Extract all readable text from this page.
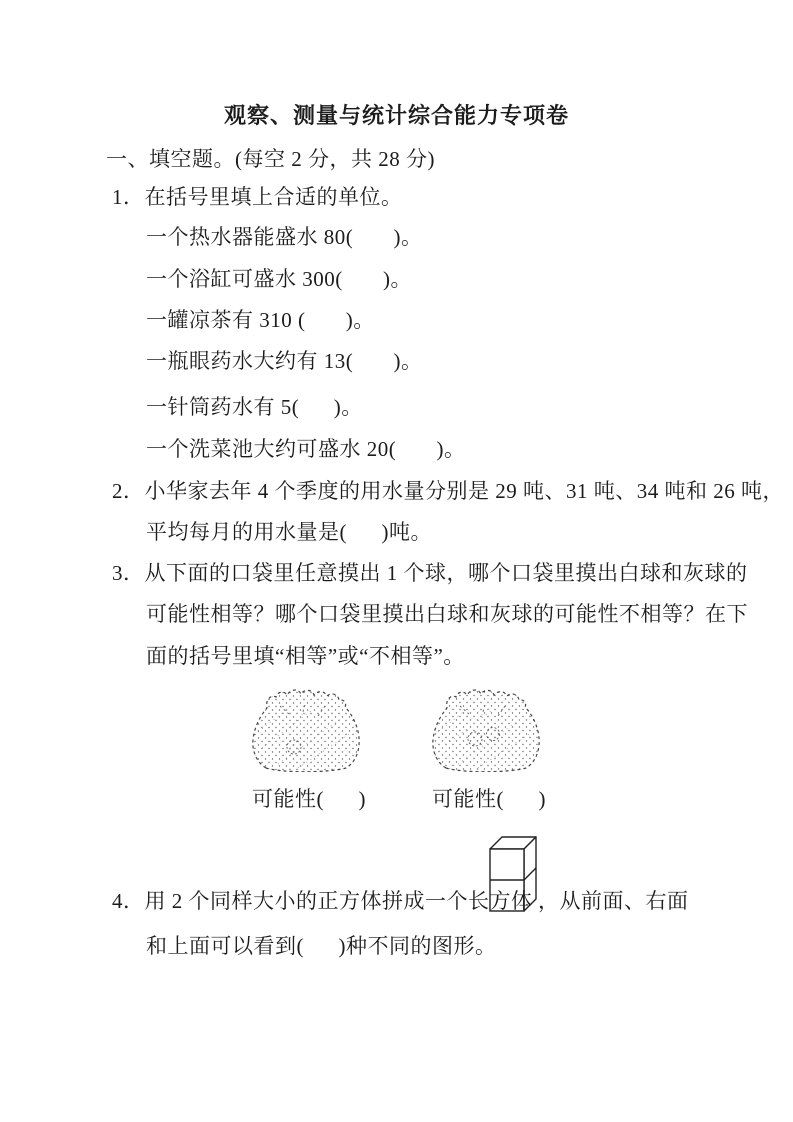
观察、测量与统计综合能力专项卷
一、填空题。(每空 2 分，共 28 分)
1．在括号里填上合适的单位。
一个热水器能盛水 80(       )。
一个浴缸可盛水 300(       )。
一罐凉茶有 310 (       )。
一瓶眼药水大约有 13(       )。
一针筒药水有 5(      )。
一个洗菜池大约可盛水 20(       )。
2．小华家去年 4 个季度的用水量分别是 29 吨、31 吨、34 吨和 26 吨，
平均每月的用水量是(      )吨。
3．从下面的口袋里任意摸出 1 个球，哪个口袋里摸出白球和灰球的
可能性相等？哪个口袋里摸出白球和灰球的可能性不相等？在下
面的括号里填“相等”或“不相等”。
可能性(      )	可能性(      )
4．用 2 个同样大小的正方体拼成一个长方体 ，从前面、右面
和上面可以看到(      )种不同的图形。
